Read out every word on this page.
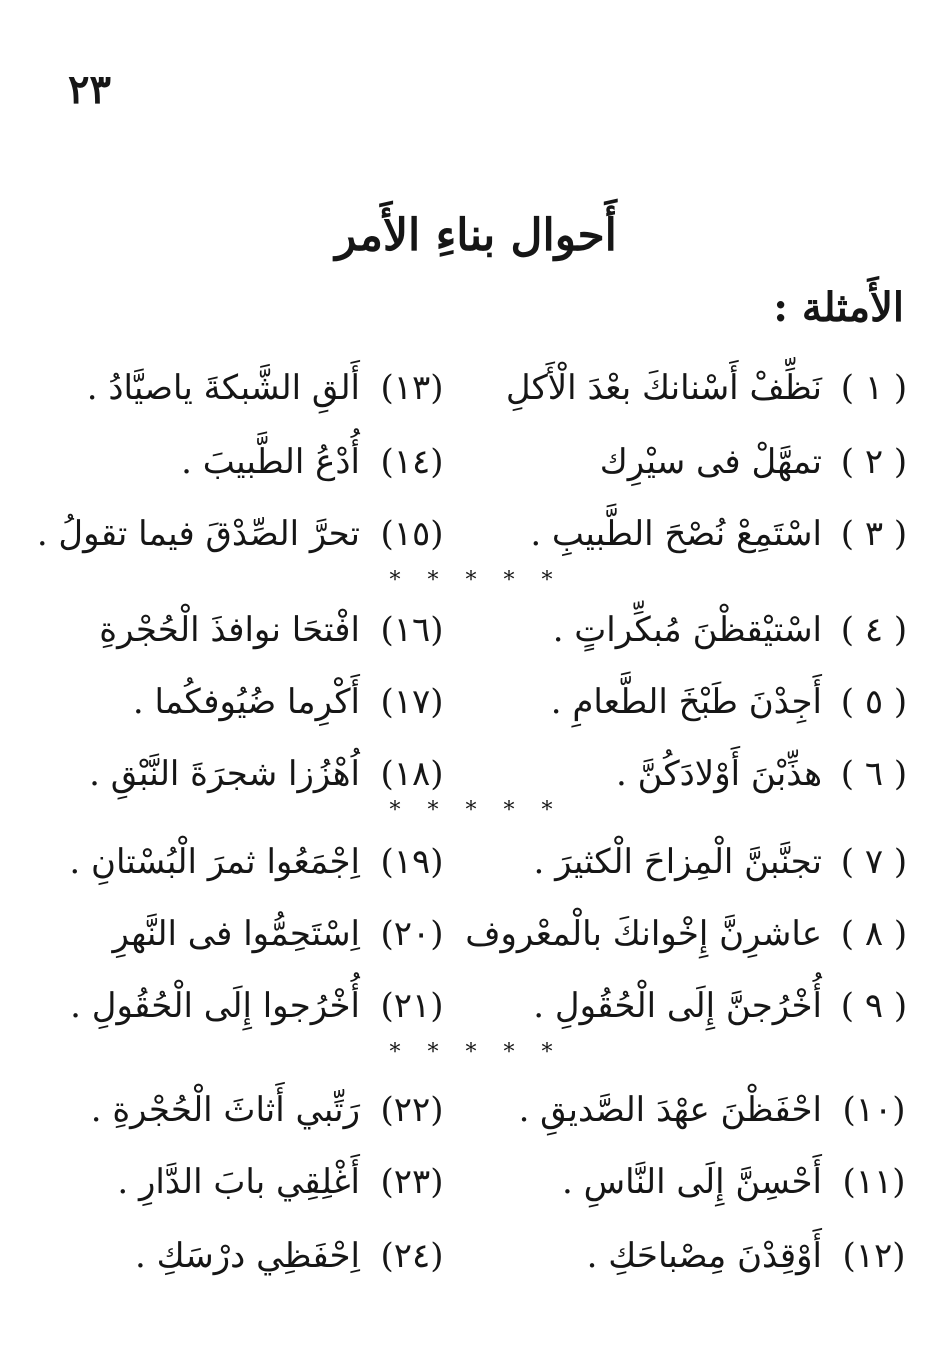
٢٣
أَحوال بناءِ الأَمر
الأَمثلة :
( ١ )نَظِّفْ أَسْنانكَ بعْدَ الْأَكلِ
(١٣)أَلقِ الشَّبكةَ ياصيَّادُ .
( ٢ )تمهَّلْ فى سيْرِك
(١٤)أُدْعُ الطَّبيبَ .
( ٣ )اسْتَمِعْ نُصْحَ الطَّبيبِ .
(١٥)تحرَّ الصِّدْقَ فيما تقولُ .
* * * * *
( ٤ )اسْتيْقظْنَ مُبكِّراتٍ .
(١٦)افْتحَا نوافذَ الْحُجْرةِ
( ٥ )أَجِدْنَ طَبْخَ الطَّعامِ .
(١٧)أَكْرِما ضُيُوفكُما .
( ٦ )هذِّبْنَ أَوْلادَكُنَّ .
(١٨)اُهْزُزا شجرَةَ النَّبْقِ .
* * * * *
( ٧ )تجنَّبنَّ الْمِزاحَ الْكثيرَ .
(١٩)اِجْمَعُوا ثمرَ الْبُسْتانِ .
( ٨ )عاشرِنَّ إِخْوانكَ بالْمعْروف
(٢٠)اِسْتَحِمُّوا فى النَّهرِ
( ٩ )أُخْرُجنَّ إِلَى الْحُقُولِ .
(٢١)أُخْرُجوا إِلَى الْحُقُولِ .
* * * * *
(١٠)احْفَظْنَ عهْدَ الصَّديقِ .
(٢٢)رَتِّبي أَثاثَ الْحُجْرةِ .
(١١)أَحْسِنَّ إِلَى النَّاسِ .
(٢٣)أَغْلِقِي بابَ الدَّارِ .
(١٢)أَوْقِدْنَ مِصْباحَكِ .
(٢٤)اِحْفَظِي درْسَكِ .
